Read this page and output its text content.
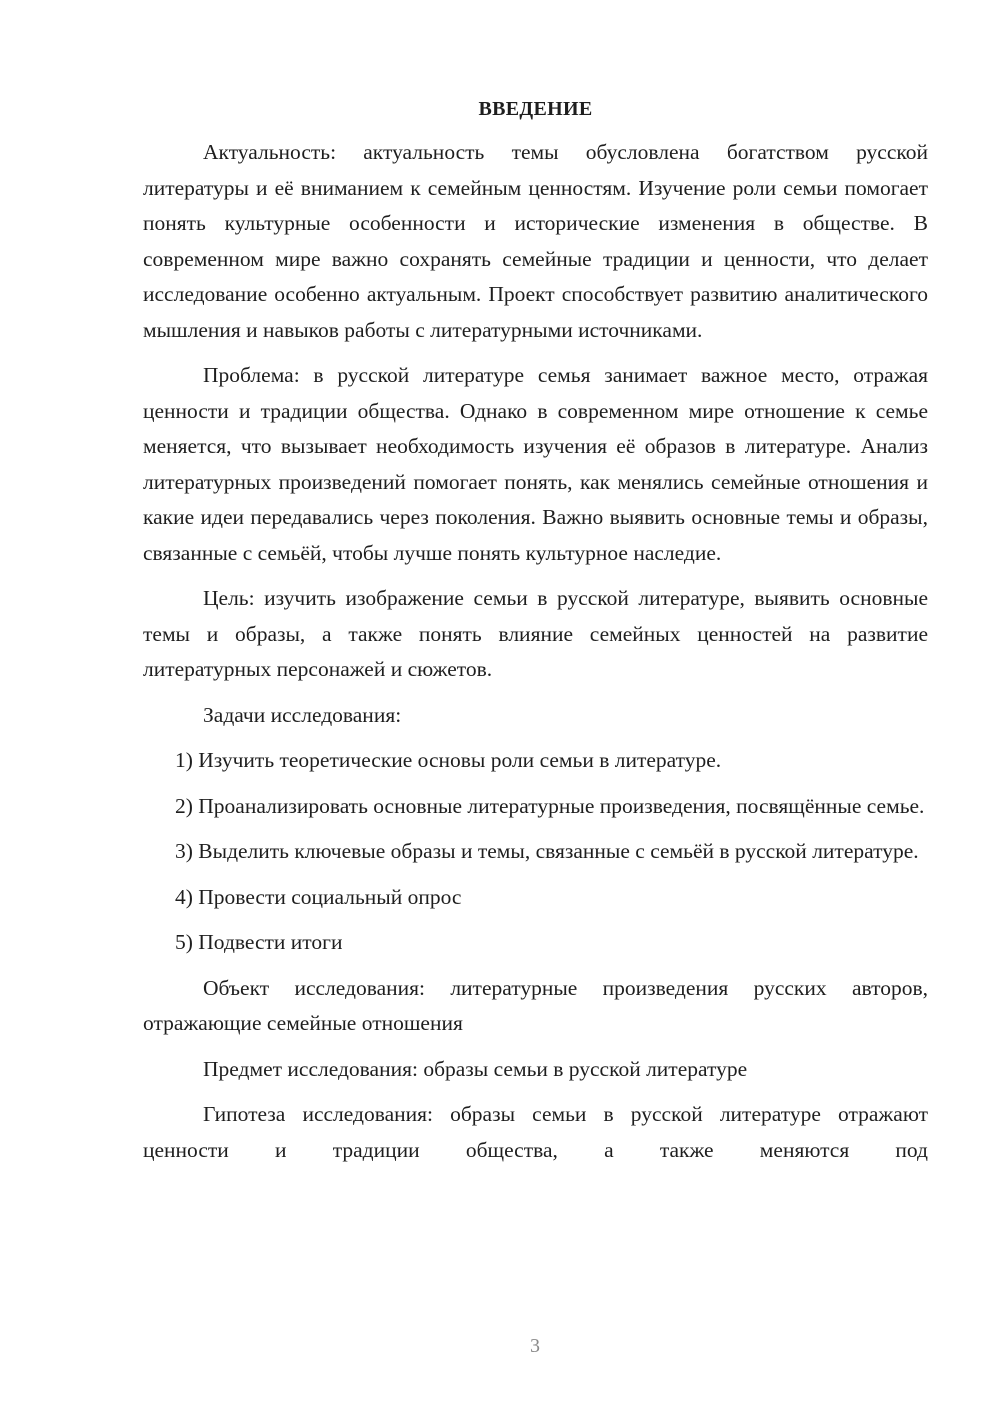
ВВЕДЕНИЕ

Актуальность: актуальность темы обусловлена богатством русской литературы и её вниманием к семейным ценностям. Изучение роли семьи помогает понять культурные особенности и исторические изменения в обществе. В современном мире важно сохранять семейные традиции и ценности, что делает исследование особенно актуальным. Проект способствует развитию аналитического мышления и навыков работы с литературными источниками.

Проблема: в русской литературе семья занимает важное место, отражая ценности и традиции общества. Однако в современном мире отношение к семье меняется, что вызывает необходимость изучения её образов в литературе. Анализ литературных произведений помогает понять, как менялись семейные отношения и какие идеи передавались через поколения. Важно выявить основные темы и образы, связанные с семьёй, чтобы лучше понять культурное наследие.

Цель: изучить изображение семьи в русской литературе, выявить основные темы и образы, а также понять влияние семейных ценностей на развитие литературных персонажей и сюжетов.

Задачи исследования:

1) Изучить теоретические основы роли семьи в литературе.

2) Проанализировать основные литературные произведения, посвящённые семье.

3) Выделить ключевые образы и темы, связанные с семьёй в русской литературе.

4) Провести социальный опрос

5) Подвести итоги

Объект исследования: литературные произведения русских авторов, отражающие семейные отношения

Предмет исследования: образы семьи в русской литературе

Гипотеза исследования: образы семьи в русской литературе отражают ценности и традиции общества, а также меняются под

3
